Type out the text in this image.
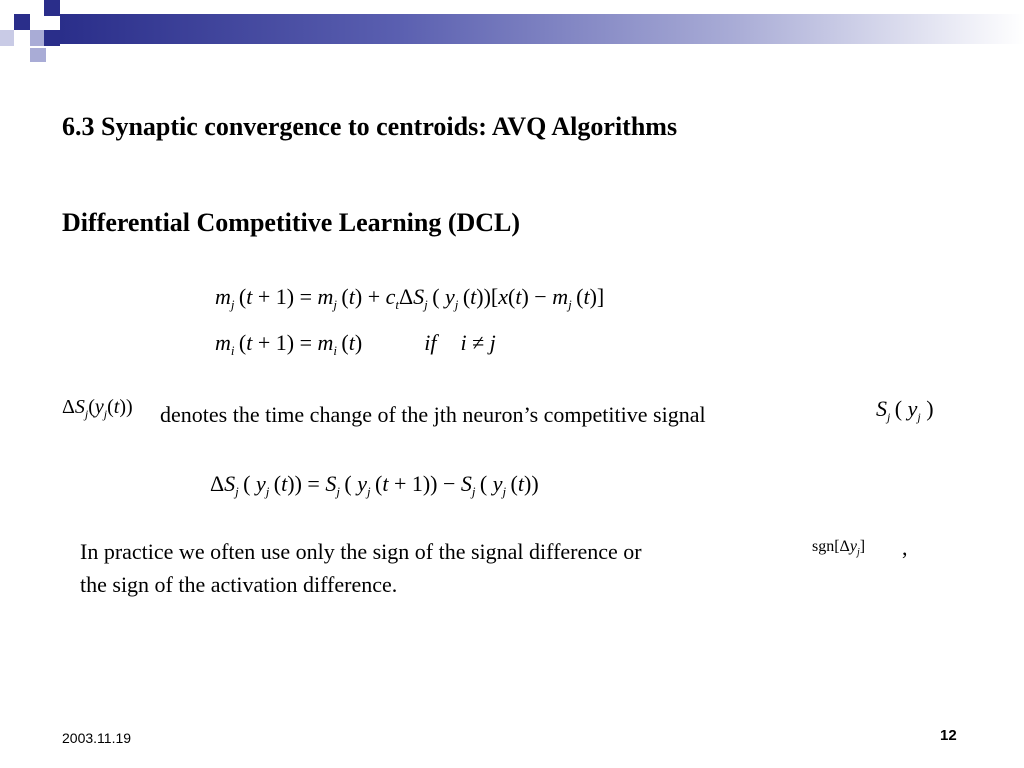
6.3 Synaptic convergence to centroids: AVQ Algorithms
Differential Competitive Learning (DCL)
$m_j$ $(t + 1) = m_j$ $(t) + c_t\Delta S_j$ ( $y_j$ $(t))[x(t) - m_j$ (t)]
$m_i$ $(t + 1) = m_i$ (t)	if i ≠ j
$\Delta S_j(y_j(t))$ denotes the time change of the jth neuron’s competitive signal	$S_j$ ( $y_j$ )
$\Delta S_j$ ( $y_j$ $(t)) = S_j$ ( $y_j$ $(t + 1)) - S_j$ ( $y_j$ (t))
In practice we often use only the sign of the signal difference or
the sign of the activation difference.
$sgn[\Delta y_j]$ ,
2003.11.19	12
